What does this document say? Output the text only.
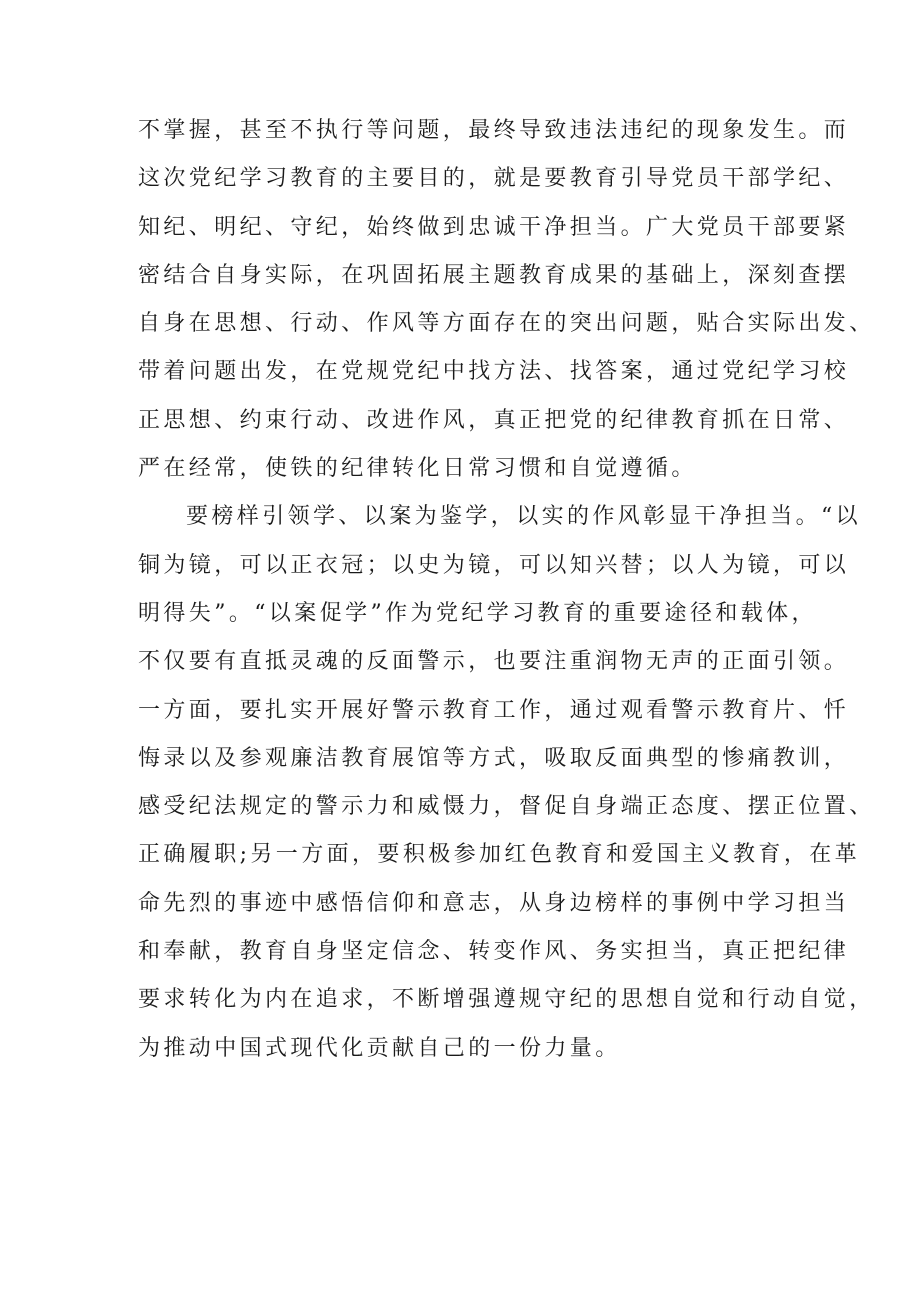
不掌握，甚至不执行等问题，最终导致违法违纪的现象发生。而
这次党纪学习教育的主要目的，就是要教育引导党员干部学纪、
知纪、明纪、守纪，始终做到忠诚干净担当。广大党员干部要紧
密结合自身实际，在巩固拓展主题教育成果的基础上，深刻查摆
自身在思想、行动、作风等方面存在的突出问题，贴合实际出发、
带着问题出发，在党规党纪中找方法、找答案，通过党纪学习校
正思想、约束行动、改进作风，真正把党的纪律教育抓在日常、
严在经常，使铁的纪律转化日常习惯和自觉遵循。
要榜样引领学、以案为鉴学，以实的作风彰显干净担当。“以
铜为镜，可以正衣冠；以史为镜，可以知兴替；以人为镜，可以
明得失”。“以案促学”作为党纪学习教育的重要途径和载体，
不仅要有直抵灵魂的反面警示，也要注重润物无声的正面引领。
一方面，要扎实开展好警示教育工作，通过观看警示教育片、忏
悔录以及参观廉洁教育展馆等方式，吸取反面典型的惨痛教训，
感受纪法规定的警示力和威慑力，督促自身端正态度、摆正位置、
正确履职;另一方面，要积极参加红色教育和爱国主义教育，在革
命先烈的事迹中感悟信仰和意志，从身边榜样的事例中学习担当
和奉献，教育自身坚定信念、转变作风、务实担当，真正把纪律
要求转化为内在追求，不断增强遵规守纪的思想自觉和行动自觉，
为推动中国式现代化贡献自己的一份力量。
